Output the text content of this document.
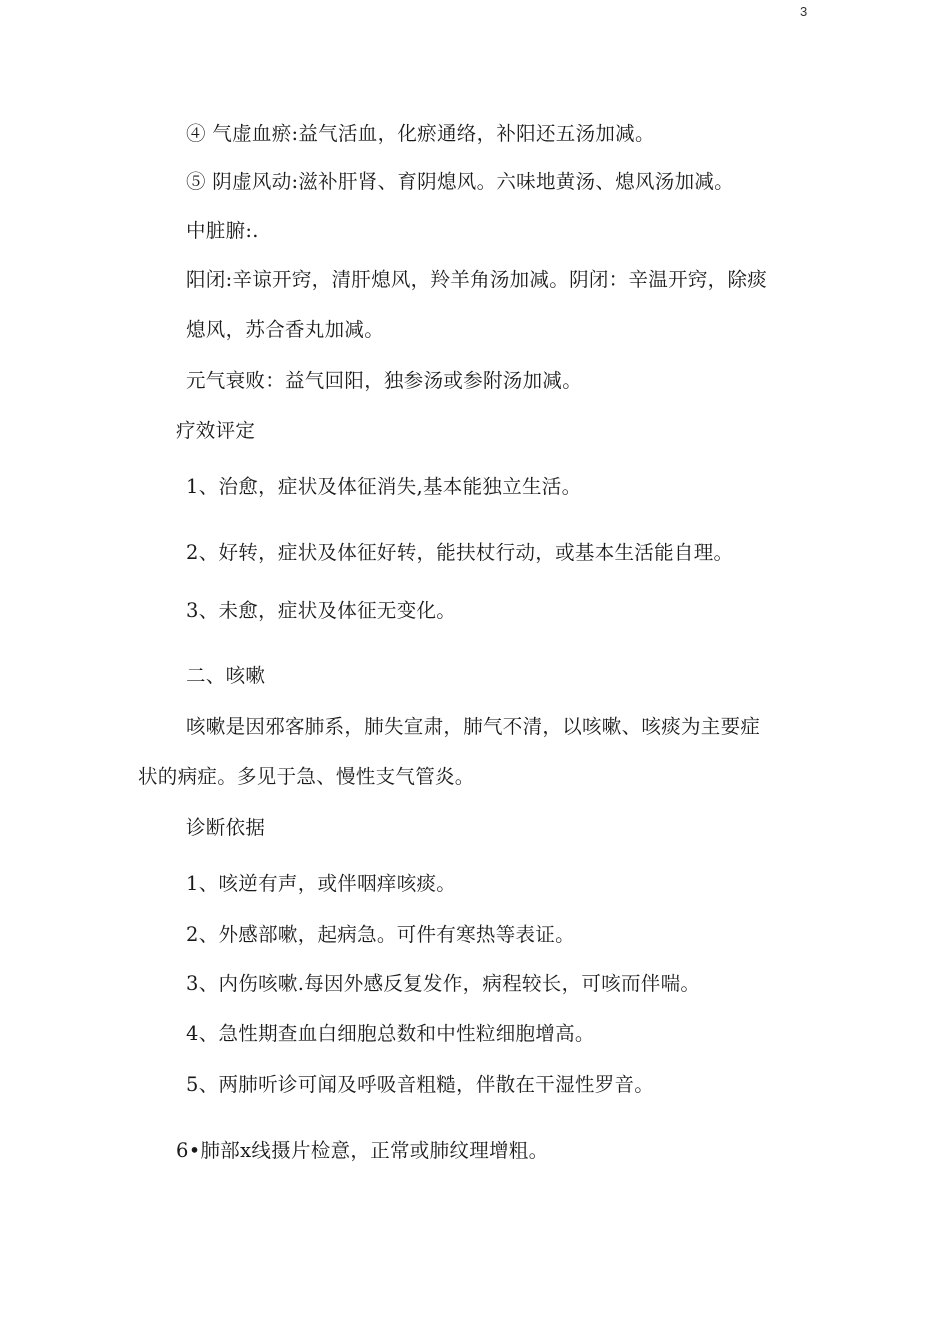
3
④ 气虚血瘀:益气活血，化瘀通络，补阳还五汤加减。
⑤ 阴虚风动:滋补肝肾、育阴熄风。六味地黄汤、熄风汤加减。
中脏腑:.
阳闭:辛谅开窍，清肝熄风，羚羊角汤加减。阴闭：辛温开窍，除痰
熄风，苏合香丸加减。
元气衰败：益气回阳，独参汤或参附汤加减。
疗效评定
1、治愈，症状及体征消失,基本能独立生活。
2、好转，症状及体征好转，能扶杖行动，或基本生活能自理。
3、未愈，症状及体征无变化。
二、咳嗽
咳嗽是因邪客肺系，肺失宣肃，肺气不清，以咳嗽、咳痰为主要症
状的病症。多见于急、慢性支气管炎。
诊断依据
1、咳逆有声，或伴咽痒咳痰。
2、外感部嗽，起病急。可件有寒热等表证。
3、内伤咳嗽.每因外感反复发作，病程较长，可咳而伴喘。
4、急性期查血白细胞总数和中性粒细胞增高。
5、两肺听诊可闻及呼吸音粗糙，伴散在干湿性罗音。
6•肺部x线摄片检意，正常或肺纹理增粗。
